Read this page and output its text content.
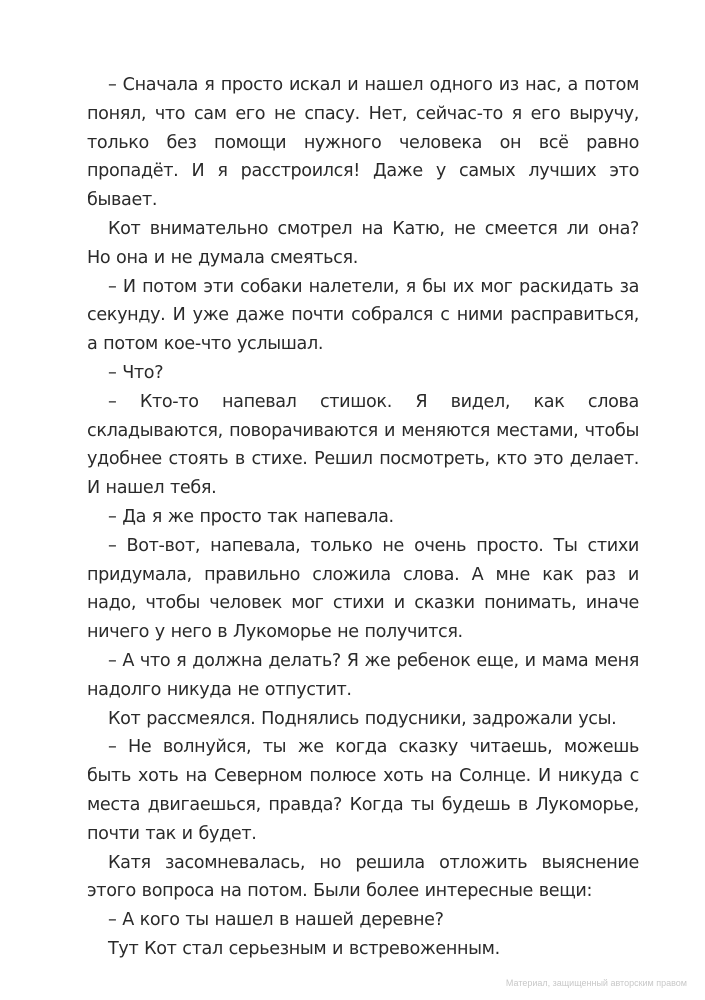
– Сначала я просто искал и нашел одного из нас, а потом понял, что сам его не спасу. Нет, сейчас-то я его выручу, только без помощи нужного человека он всё равно пропадёт. И я расстроился! Даже у самых лучших это бывает.

Кот внимательно смотрел на Катю, не смеется ли она? Но она и не думала смеяться.

– И потом эти собаки налетели, я бы их мог раскидать за секунду. И уже даже почти собрался с ними расправиться, а потом кое-что услышал.

– Что?

– Кто-то напевал стишок. Я видел, как слова складываются, поворачиваются и меняются местами, чтобы удобнее стоять в стихе. Решил посмотреть, кто это делает. И нашел тебя.

– Да я же просто так напевала.

– Вот-вот, напевала, только не очень просто. Ты стихи придумала, правильно сложила слова. А мне как раз и надо, чтобы человек мог стихи и сказки понимать, иначе ничего у него в Лукоморье не получится.

– А что я должна делать? Я же ребенок еще, и мама меня надолго никуда не отпустит.

Кот рассмеялся. Поднялись подусники, задрожали усы.

– Не волнуйся, ты же когда сказку читаешь, можешь быть хоть на Северном полюсе хоть на Солнце. И никуда с места двигаешься, правда? Когда ты будешь в Лукоморье, почти так и будет.

Катя засомневалась, но решила отложить выяснение этого вопроса на потом. Были более интересные вещи:

– А кого ты нашел в нашей деревне?

Тут Кот стал серьезным и встревоженным.

Материал, защищенный авторским правом
